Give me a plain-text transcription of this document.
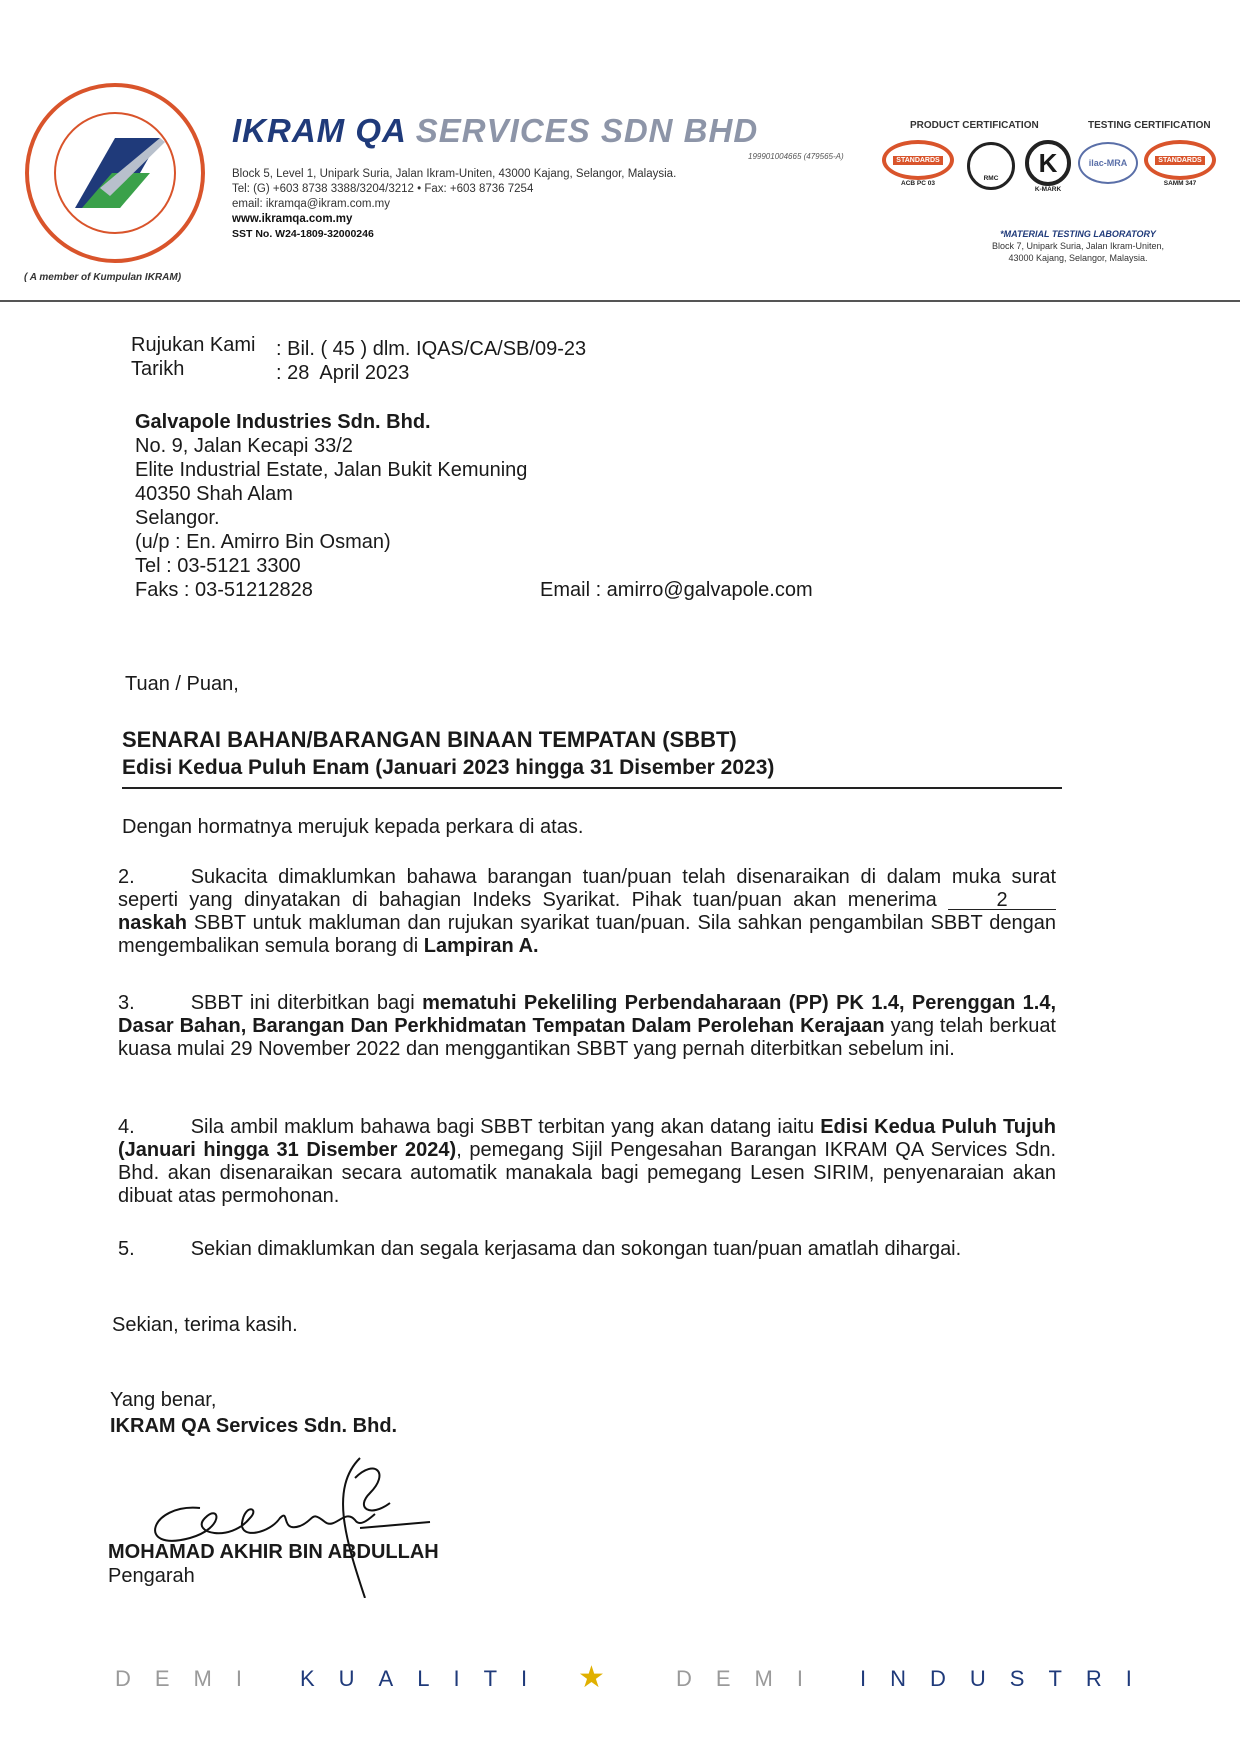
IKRAM QA SERVICES SDN BHD
199901004665 (479565-A)
Block 5, Level 1, Unipark Suria, Jalan Ikram-Uniten, 43000 Kajang, Selangor, Malaysia.
Tel: (G) +603 8738 3388/3204/3212 • Fax: +603 8736 7254
email: ikramqa@ikram.com.my
www.ikramqa.com.my
SST No. W24-1809-32000246
( A member of Kumpulan IKRAM)
PRODUCT CERTIFICATION	TESTING CERTIFICATION
STANDARDS
ACB PC 03
RMC
K
K-MARK
ilac-MRA	STANDARDS
SAMM 347
*MATERIAL TESTING LABORATORY
Block 7, Unipark Suria, Jalan Ikram-Uniten,
43000 Kajang, Selangor, Malaysia.
Rujukan Kami : Bil. ( 45 ) dlm. IQAS/CA/SB/09-23
Tarikh	: 28  April 2023
Galvapole Industries Sdn. Bhd.
No. 9, Jalan Kecapi 33/2
Elite Industrial Estate, Jalan Bukit Kemuning
40350 Shah Alam
Selangor.
(u/p : En. Amirro Bin Osman)
Tel : 03-5121 3300
Faks : 03-51212828	Email : amirro@galvapole.com
Tuan / Puan,
SENARAI BAHAN/BARANGAN BINAAN TEMPATAN (SBBT)
Edisi Kedua Puluh Enam (Januari 2023 hingga 31 Disember 2023)
Dengan hormatnya merujuk kepada perkara di atas.
2.	Sukacita dimaklumkan bahawa barangan tuan/puan telah disenaraikan di dalam muka surat seperti yang dinyatakan di bahagian Indeks Syarikat. Pihak tuan/puan akan menerima 2 naskah SBBT untuk makluman dan rujukan syarikat tuan/puan. Sila sahkan pengambilan SBBT dengan mengembalikan semula borang di Lampiran A.
3.	SBBT ini diterbitkan bagi mematuhi Pekeliling Perbendaharaan (PP) PK 1.4, Perenggan 1.4, Dasar Bahan, Barangan Dan Perkhidmatan Tempatan Dalam Perolehan Kerajaan yang telah berkuat kuasa mulai 29 November 2022 dan menggantikan SBBT yang pernah diterbitkan sebelum ini.
4.	Sila ambil maklum bahawa bagi SBBT terbitan yang akan datang iaitu Edisi Kedua Puluh Tujuh (Januari hingga 31 Disember 2024), pemegang Sijil Pengesahan Barangan IKRAM QA Services Sdn. Bhd. akan disenaraikan secara automatik manakala bagi pemegang Lesen SIRIM, penyenaraian akan dibuat atas permohonan.
5.	Sekian dimaklumkan dan segala kerjasama dan sokongan tuan/puan amatlah dihargai.
Sekian, terima kasih.
Yang benar,
IKRAM QA Services Sdn. Bhd.
MOHAMAD AKHIR BIN ABDULLAH
Pengarah
DEMI KUALITI ★	DEMI INDUSTRI
